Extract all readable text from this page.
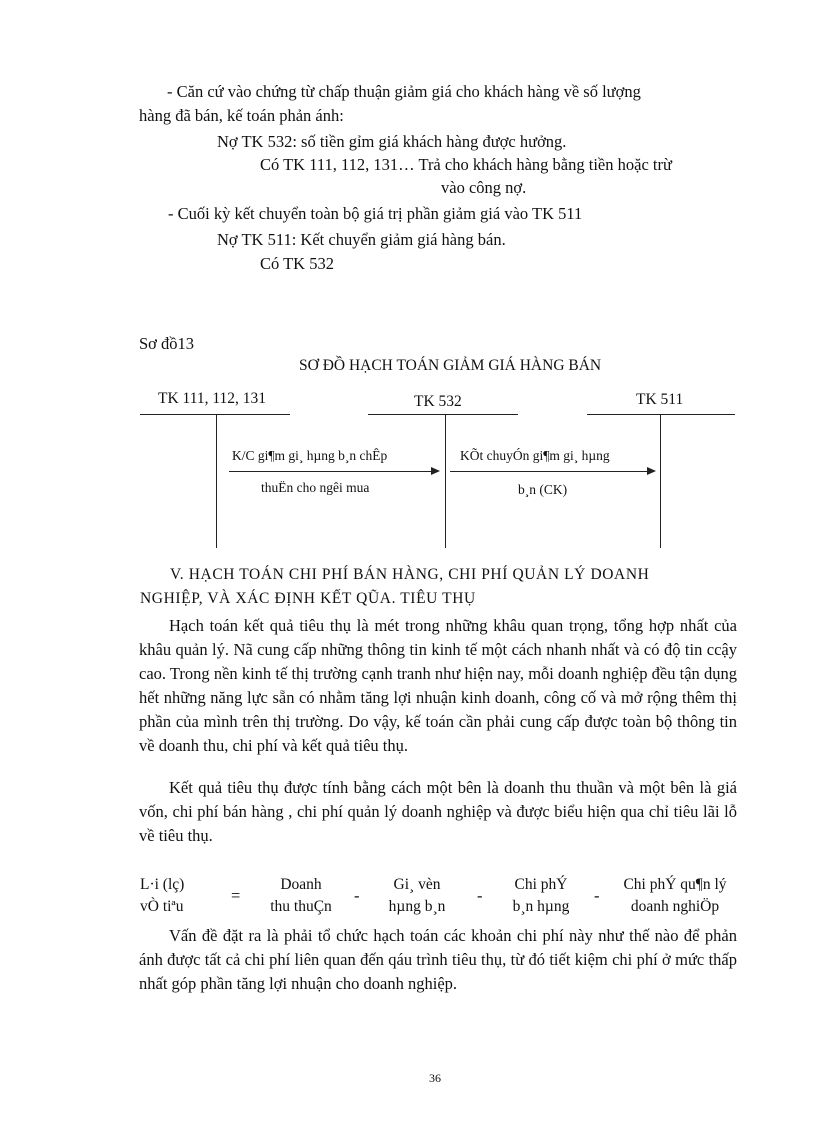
- Căn cứ vào chứng từ chấp thuận giảm giá cho khách hàng về số lượng
hàng đã bán, kế toán phản ánh:
Nợ TK 532: số tiền gỉm giá khách hàng được hưởng.
Có TK 111, 112, 131… Trả cho khách hàng bằng tiền hoặc trừ
vào công nợ.
- Cuối kỳ kết chuyển toàn bộ giá trị phần giảm giá vào TK 511
Nợ TK 511: Kết chuyển giảm giá hàng bán.
Có TK 532
Sơ đồ13
SƠ ĐỒ HẠCH TOÁN GIẢM GIÁ HÀNG BÁN
TK 111, 112, 131	TK 532	TK 511
K/C gi¶m gi¸ hµng b¸n chÊp
thuËn cho ngêi mua
KÕt chuyÓn gi¶m gi¸ hµng
b¸n (CK)
V. HẠCH TOÁN CHI PHÍ BÁN HÀNG, CHI PHÍ QUẢN LÝ DOANH
NGHIỆP, VÀ XÁC ĐỊNH KẾT QŨA. TIÊU THỤ
Hạch toán kết quả tiêu thụ là mét trong những khâu quan trọng, tổng hợp nhất của khâu quản lý. Nã cung cấp những thông tin kinh tế một cách nhanh nhất và có độ tin ccậy cao. Trong nền kinh tế thị trường cạnh tranh như hiện nay, mỗi doanh nghiệp đều tận dụng hết những năng lực sẵn có nhằm tăng lợi nhuận kinh doanh, công cố và mở rộng thêm thị phần của mình trên thị trường. Do vậy, kế toán cần phải cung cấp được toàn bộ thông tin về doanh thu, chi phí và kết quả tiêu thụ.
Kết quả tiêu thụ được tính bằng cách một bên là doanh thu thuần và một bên là giá vốn, chi phí bán hàng , chi phí quản lý doanh nghiệp và được biểu hiện qua chỉ tiêu lãi lỗ về tiêu thụ.
L·i (lç)
vÒ tiªu
=
Doanh
thu thuÇn
-
Gi¸ vèn
hµng b¸n
-
Chi phÝ
b¸n hµng
-
Chi phÝ qu¶n lý
doanh nghiÖp
Vấn đề đặt ra là phải tổ chức hạch toán các khoản chi phí này như thế nào để phản ánh được tất cả chi phí liên quan đến qáu trình tiêu thụ, từ đó tiết kiệm chi phí ở mức thấp nhất góp phần tăng lợi nhuận cho doanh nghiệp.
36
